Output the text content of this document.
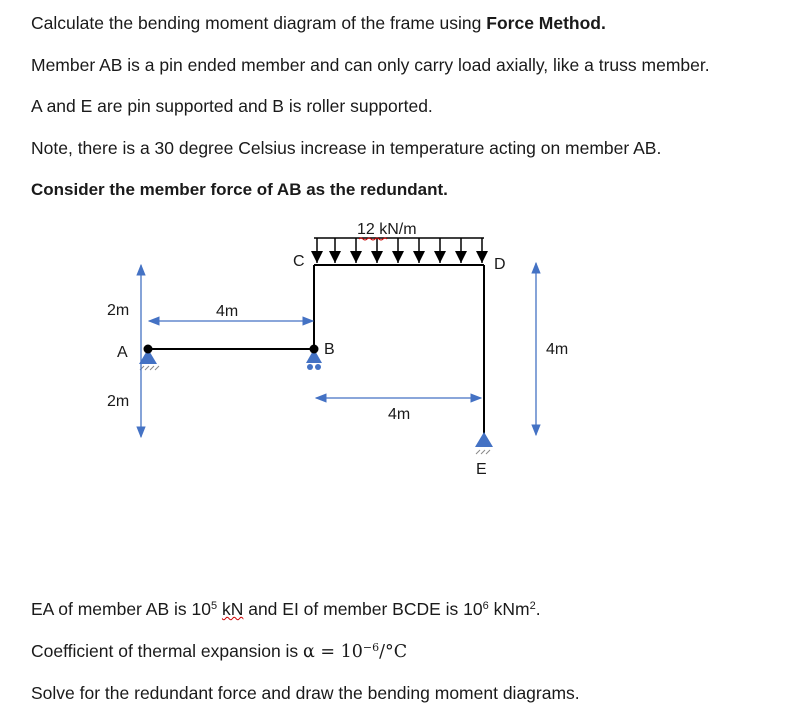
Calculate the bending moment diagram of the frame using Force Method.
Member AB is a pin ended member and can only carry load axially, like a truss member.
A and E are pin supported and B is roller supported.
Note, there is a 30 degree Celsius increase in temperature acting on member AB.
Consider the member force of AB as the redundant.
12 kN/m
C	D
A	B
E
2m
2m
4m
4m
4m
EA of member AB is $10^5$ kN and EI of member BCDE is $10^6$ kNm$^2$.
Coefficient of thermal expansion is $\alpha = 10^{-6}/^\circ C$
Solve for the redundant force and draw the bending moment diagrams.
